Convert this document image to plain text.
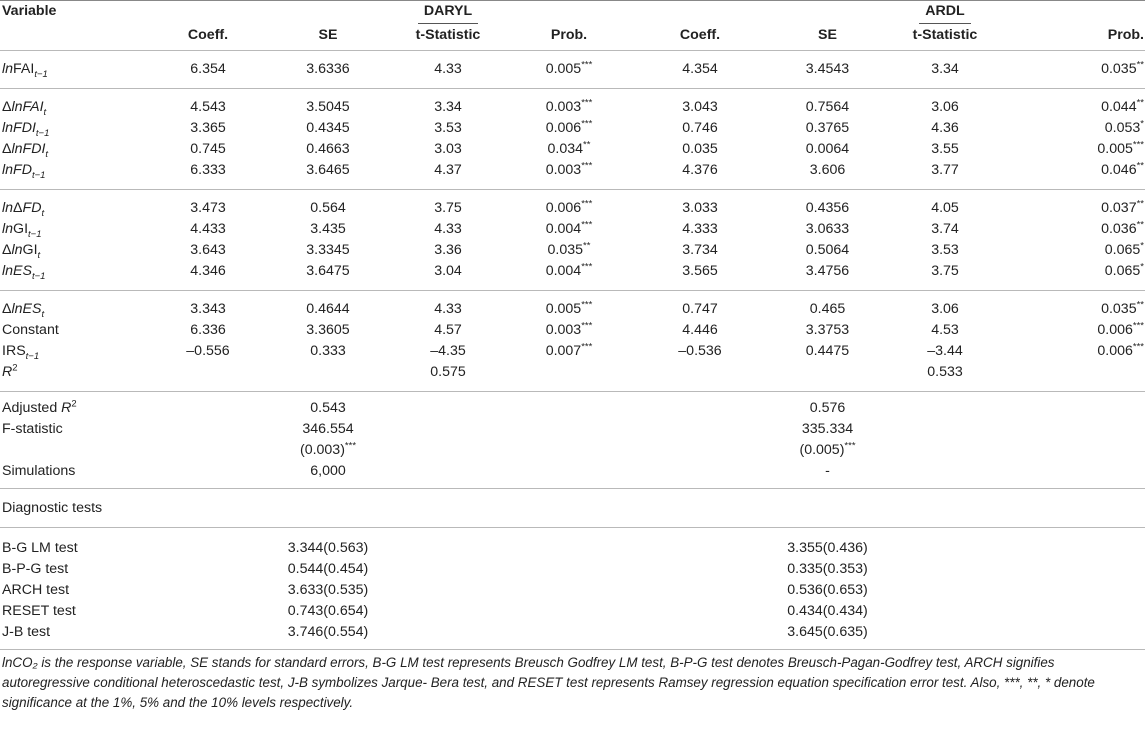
Variable			DARYL				ARDL	
	Coeff.	SE	t-Statistic	Prob.	Coeff.	SE	t-Statistic	Prob.
lnFAI$_{t-1}$	6.354	3.6336	4.33	0.005***	4.354	3.4543	3.34	0.035**
ΔlnFAI$_t$	4.543	3.5045	3.34	0.003***	3.043	0.7564	3.06	0.044**
lnFDI$_{t-1}$	3.365	0.4345	3.53	0.006***	0.746	0.3765	4.36	0.053*
ΔlnFDI$_t$	0.745	0.4663	3.03	0.034**	0.035	0.0064	3.55	0.005***
lnFD$_{t-1}$	6.333	3.6465	4.37	0.003***	4.376	3.606	3.77	0.046**
lnΔFD$_t$	3.473	0.564	3.75	0.006***	3.033	0.4356	4.05	0.037**
lnGI$_{t-1}$	4.433	3.435	4.33	0.004***	4.333	3.0633	3.74	0.036**
ΔlnGI$_t$	3.643	3.3345	3.36	0.035**	3.734	0.5064	3.53	0.065*
lnES$_{t-1}$	4.346	3.6475	3.04	0.004***	3.565	3.4756	3.75	0.065*
ΔlnES$_t$	3.343	0.4644	4.33	0.005***	0.747	0.465	3.06	0.035**
Constant	6.336	3.3605	4.57	0.003***	4.446	3.3753	4.53	0.006***
$IRS_{t-1}$	–0.556	0.333	–4.35	0.007***	–0.536	0.4475	–3.44	0.006***
$R^2$			0.575				0.533	
Adjusted $R^2$		0.543				0.576		
F-statistic		346.554				335.334		
		(0.003)***				(0.005)***		
Simulations		6,000				-		
Diagnostic tests								
B-G LM test		3.344(0.563)				3.355(0.436)		
B-P-G test		0.544(0.454)				0.335(0.353)		
ARCH test		3.633(0.535)				0.536(0.653)		
RESET test		0.743(0.654)				0.434(0.434)		
J-B test		3.746(0.554)				3.645(0.635)		
lnCO₂ is the response variable, SE stands for standard errors, B-G LM test represents Breusch Godfrey LM test, B-P-G test denotes Breusch-Pagan-Godfrey test, ARCH signifies autoregressive conditional heteroscedastic test, J-B symbolizes Jarque- Bera test, and RESET test represents Ramsey regression equation specification error test. Also, ***, **, * denote significance at the 1%, 5% and the 10% levels respectively.								
